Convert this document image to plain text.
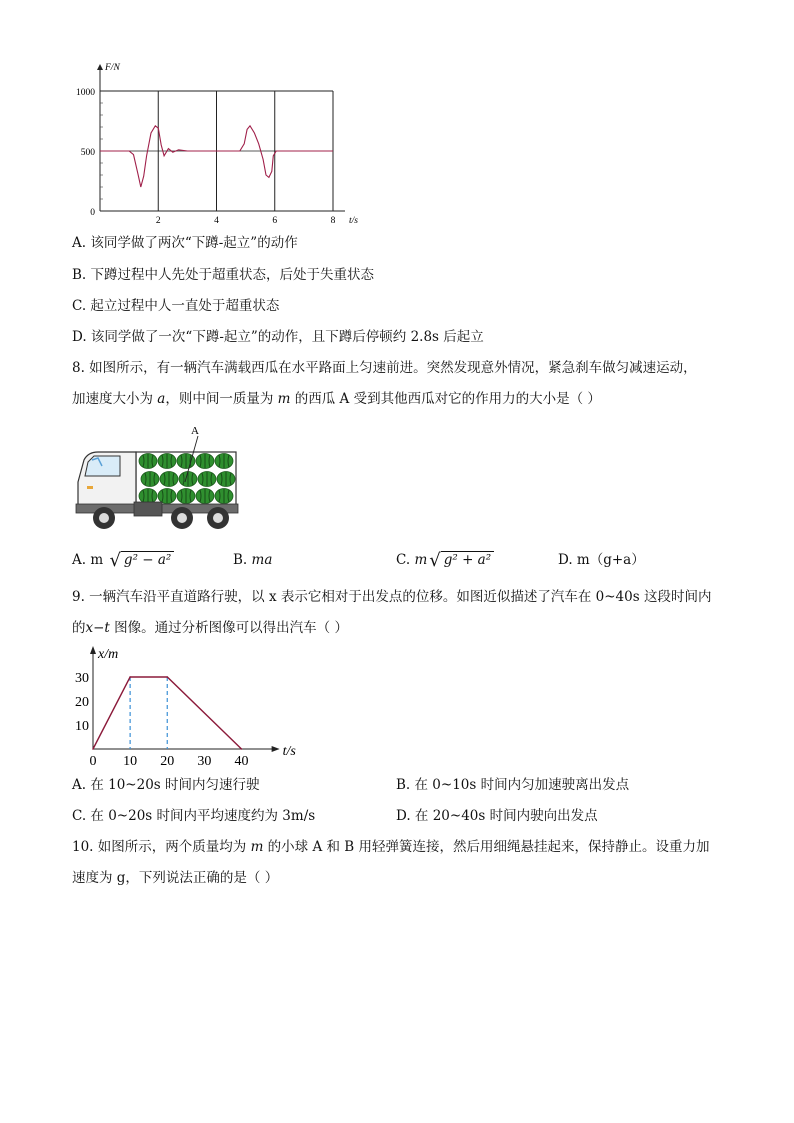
0
500
1000
2	4	6	8
F/N
t/s
A. 该同学做了两次“下蹲-起立”的动作
B. 下蹲过程中人先处于超重状态，后处于失重状态
C. 起立过程中人一直处于超重状态
D. 该同学做了一次“下蹲-起立”的动作，且下蹲后停顿约 2.8s 后起立
8. 如图所示，有一辆汽车满载西瓜在水平路面上匀速前进。突然发现意外情况，紧急刹车做匀减速运动，
加速度大小为 a，则中间一质量为 m 的西瓜 A 受到其他西瓜对它的作用力的大小是（ ）
A
A. m √ g² − a²	B. ma	C. m √ g² + a²	D. m（g+a）
9. 一辆汽车沿平直道路行驶，以 x 表示它相对于出发点的位移。如图近似描述了汽车在 0~40s 这段时间内
的x−t 图像。通过分析图像可以得出汽车（ ）
0 10 20 30 40
10
20
30
x/m
t/s
A. 在 10~20s 时间内匀速行驶	B. 在 0~10s 时间内匀加速驶离出发点
C. 在 0~20s 时间内平均速度约为 3m/s	D. 在 20~40s 时间内驶向出发点
10. 如图所示，两个质量均为 m 的小球 A 和 B 用轻弹簧连接，然后用细绳悬挂起来，保持静止。设重力加
速度为 g，下列说法正确的是（ ）
